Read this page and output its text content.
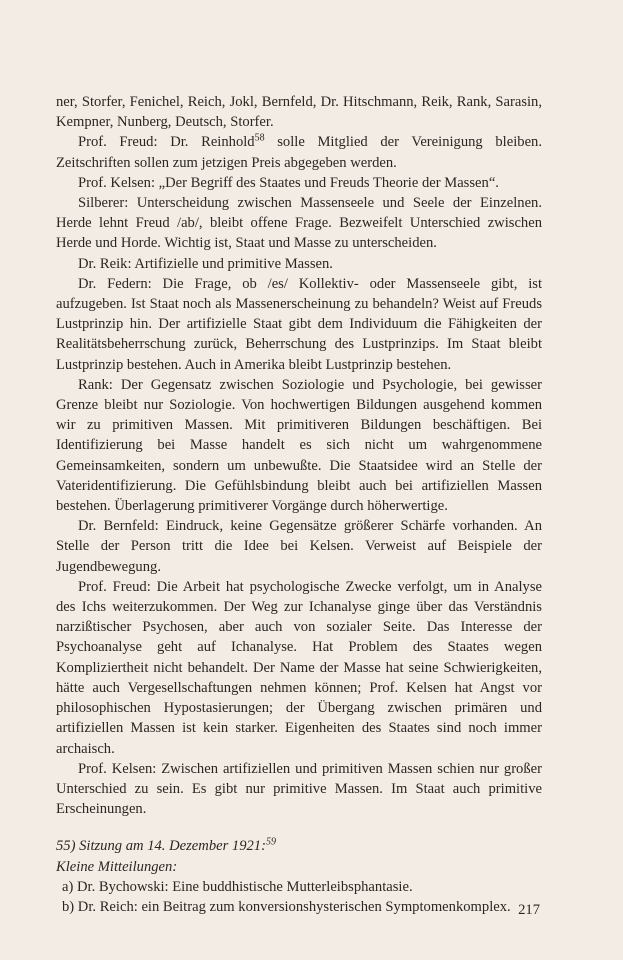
ner, Storfer, Fenichel, Reich, Jokl, Bernfeld, Dr. Hitschmann, Reik, Rank, Sarasin, Kempner, Nunberg, Deutsch, Storfer.

Prof. Freud: Dr. Reinhold$^{58}$ solle Mitglied der Vereinigung bleiben. Zeitschriften sollen zum jetzigen Preis abgegeben werden.

Prof. Kelsen: „Der Begriff des Staates und Freuds Theorie der Massen“.

Silberer: Unterscheidung zwischen Massenseele und Seele der Einzelnen. Herde lehnt Freud /ab/, bleibt offene Frage. Bezweifelt Unterschied zwischen Herde und Horde. Wichtig ist, Staat und Masse zu unterscheiden.

Dr. Reik: Artifizielle und primitive Massen.

Dr. Federn: Die Frage, ob /es/ Kollektiv- oder Massenseele gibt, ist aufzugeben. Ist Staat noch als Massenerscheinung zu behandeln? Weist auf Freuds Lustprinzip hin. Der artifizielle Staat gibt dem Individuum die Fähigkeiten der Realitätsbeherrschung zurück, Beherrschung des Lustprinzips. Im Staat bleibt Lustprinzip bestehen. Auch in Amerika bleibt Lustprinzip bestehen.

Rank: Der Gegensatz zwischen Soziologie und Psychologie, bei gewisser Grenze bleibt nur Soziologie. Von hochwertigen Bildungen ausgehend kommen wir zu primitiven Massen. Mit primitiveren Bildungen beschäftigen. Bei Identifizierung bei Masse handelt es sich nicht um wahrgenommene Gemeinsamkeiten, sondern um unbewußte. Die Staatsidee wird an Stelle der Vateridentifizierung. Die Gefühlsbindung bleibt auch bei artifiziellen Massen bestehen. Überlagerung primitiverer Vorgänge durch höherwertige.

Dr. Bernfeld: Eindruck, keine Gegensätze größerer Schärfe vorhanden. An Stelle der Person tritt die Idee bei Kelsen. Verweist auf Beispiele der Jugendbewegung.

Prof. Freud: Die Arbeit hat psychologische Zwecke verfolgt, um in Analyse des Ichs weiterzukommen. Der Weg zur Ichanalyse ginge über das Verständnis narzißtischer Psychosen, aber auch von sozialer Seite. Das Interesse der Psychoanalyse geht auf Ichanalyse. Hat Problem des Staates wegen Kompliziertheit nicht behandelt. Der Name der Masse hat seine Schwierigkeiten, hätte auch Vergesellschaftungen nehmen können; Prof. Kelsen hat Angst vor philosophischen Hypostasierungen; der Übergang zwischen primären und artifiziellen Massen ist kein starker. Eigenheiten des Staates sind noch immer archaisch.

Prof. Kelsen: Zwischen artifiziellen und primitiven Massen schien nur großer Unterschied zu sein. Es gibt nur primitive Massen. Im Staat auch primitive Erscheinungen.

55) Sitzung am 14. Dezember 1921:$^{59}$

Kleine Mitteilungen:

a) Dr. Bychowski: Eine buddhistische Mutterleibsphantasie.

b) Dr. Reich: ein Beitrag zum konversionshysterischen Symptomenkomplex. 217
